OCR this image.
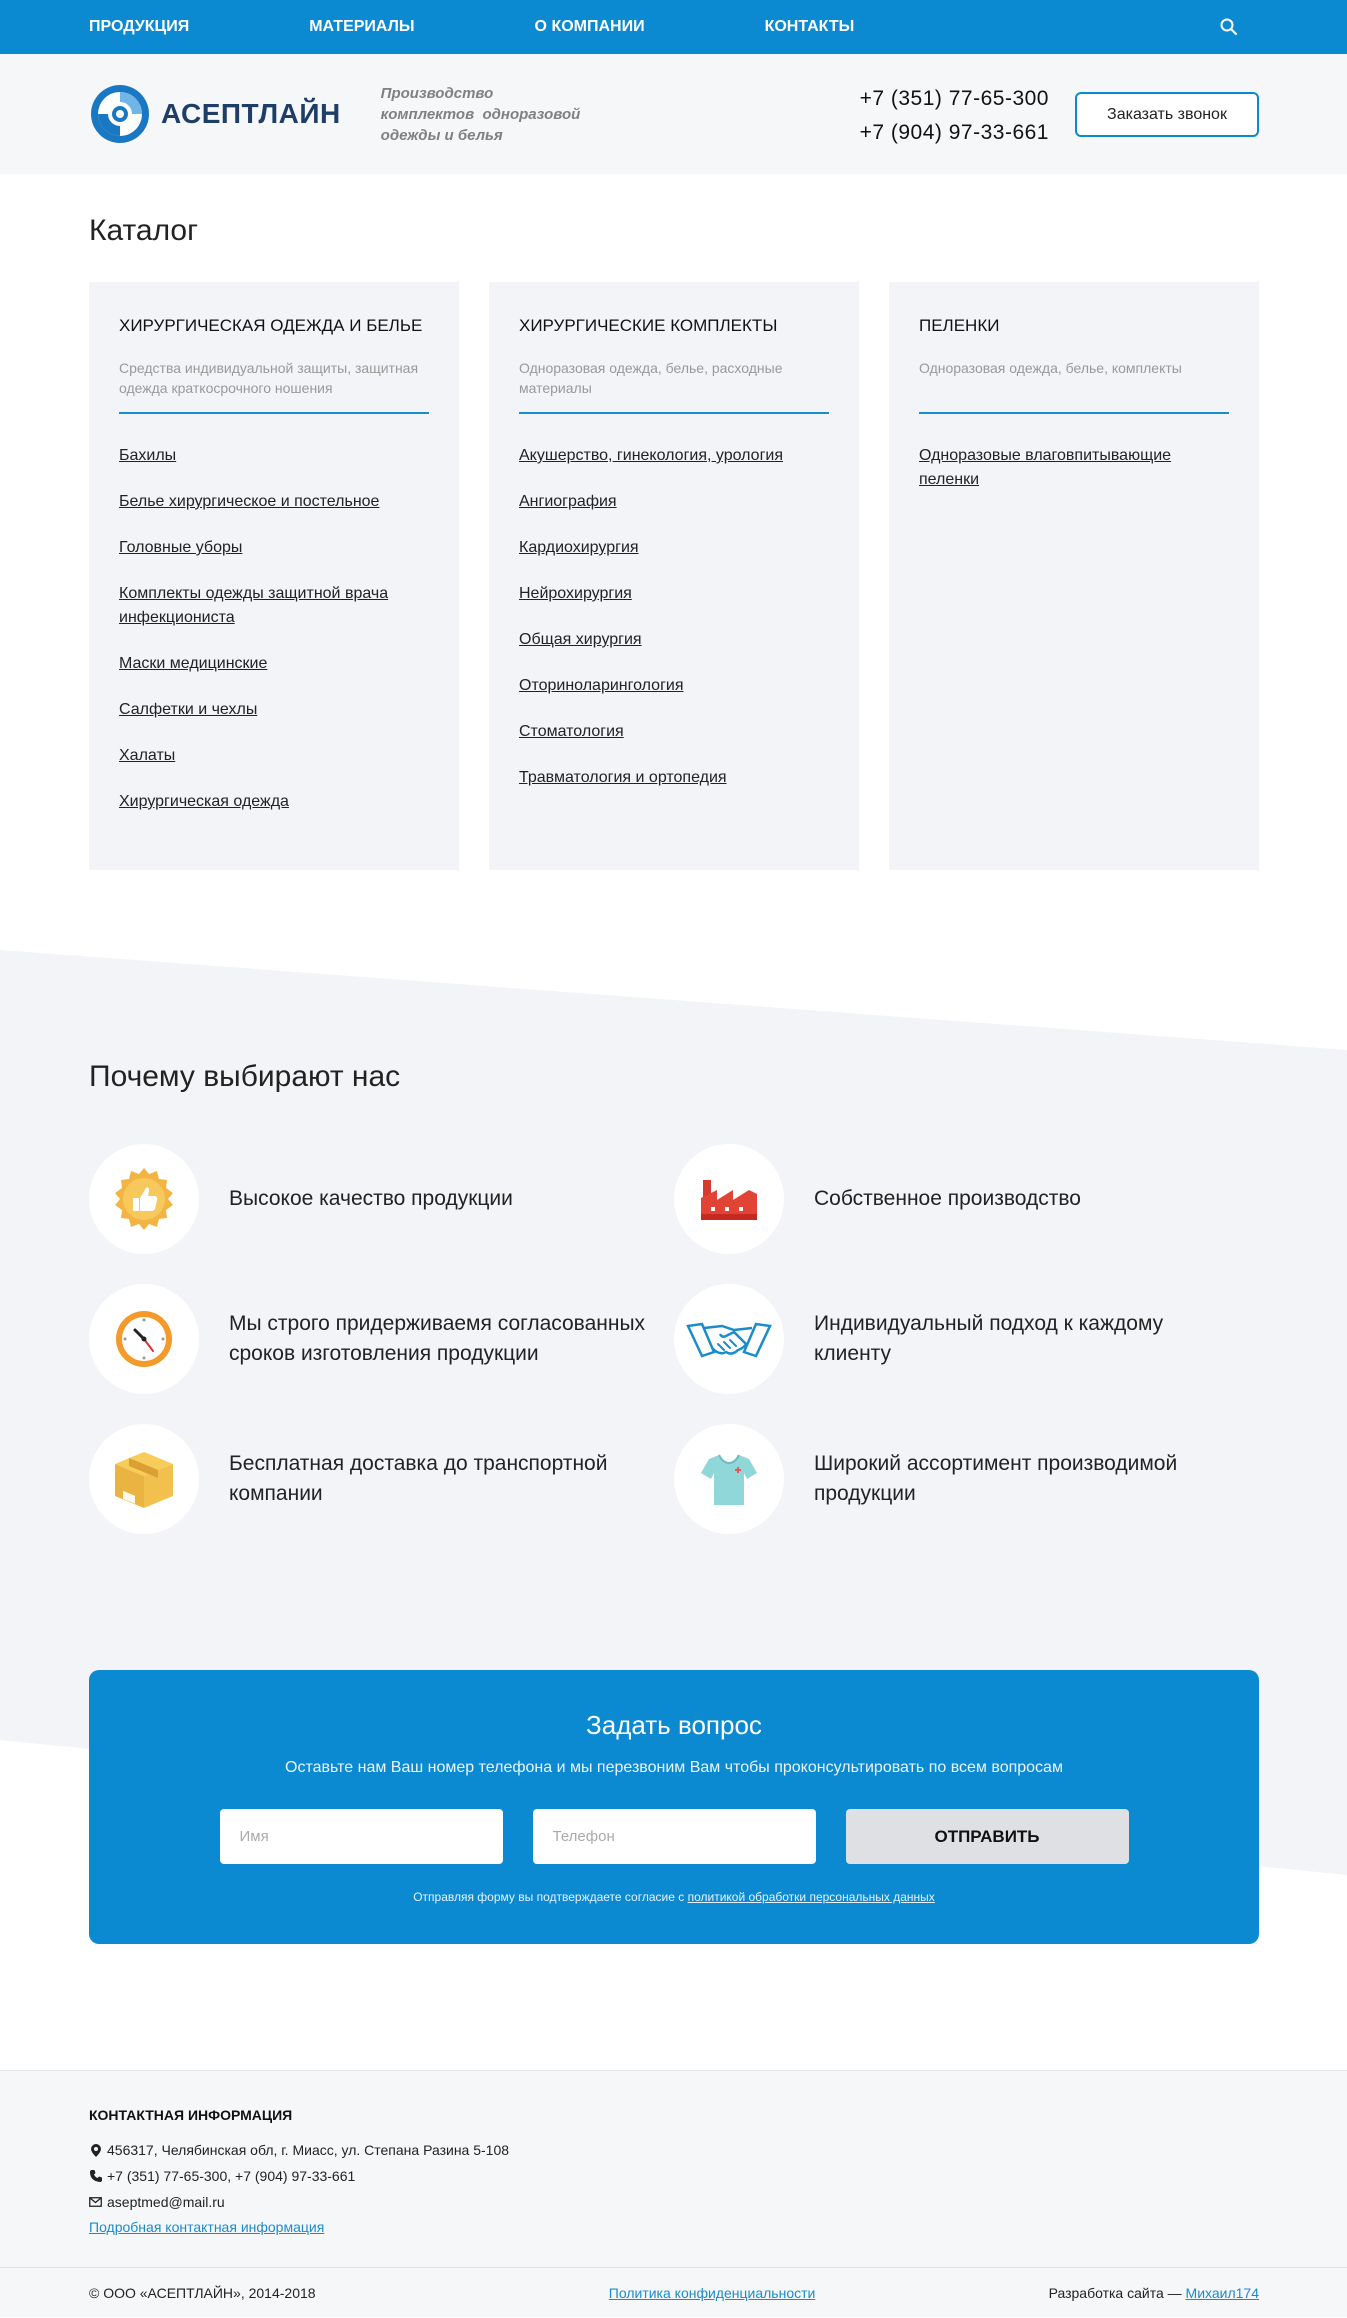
ПРОДУКЦИЯ	МАТЕРИАЛЫ	О КОМПАНИИ	КОНТАКТЫ
АСЕПТЛАЙН
Производство
комплектов  одноразовой
одежды и белья
+7 (351) 77-65-300
+7 (904) 97-33-661
Заказать звонок
Каталог
ХИРУРГИЧЕСКАЯ ОДЕЖДА И БЕЛЬЕ
Средства индивидуальной защиты, защитная одежда краткосрочного ношения
Бахилы
Белье хирургическое и постельное
Головные уборы
Комплекты одежды защитной врача инфекциониста
Маски медицинские
Салфетки и чехлы
Халаты
Хирургическая одежда
ХИРУРГИЧЕСКИЕ КОМПЛЕКТЫ
Одноразовая одежда, белье, расходные материалы
Акушерство, гинекология, урология
Ангиография
Кардиохирургия
Нейрохирургия
Общая хирургия
Оториноларингология
Стоматология
Травматология и ортопедия
ПЕЛЕНКИ
Одноразовая одежда, белье, комплекты
Одноразовые влаговпитывающие пеленки
Почему выбирают нас
Высокое качество продукции	Собственное производство
Мы строго придерживаемя согласованных сроков изготовления продукции
Индивидуальный подход к каждому клиенту
Бесплатная доставка до транспортной компании
Широкий ассортимент производимой продукции
Задать вопрос
Оставьте нам Ваш номер телефона и мы перезвоним Вам чтобы проконсультировать по всем вопросам
Имя
Телефон
ОТПРАВИТЬ
Отправляя форму вы подтверждаете согласие с политикой обработки персональных данных
КОНТАКТНАЯ ИНФОРМАЦИЯ
456317, Челябинская обл, г. Миасс, ул. Степана Разина 5-108
+7 (351) 77-65-300, +7 (904) 97-33-661
aseptmed@mail.ru
Подробная контактная информация
© ООО «АСЕПТЛАЙН», 2014-2018	Политика конфиденциальности	Разработка сайта — Михаил174
